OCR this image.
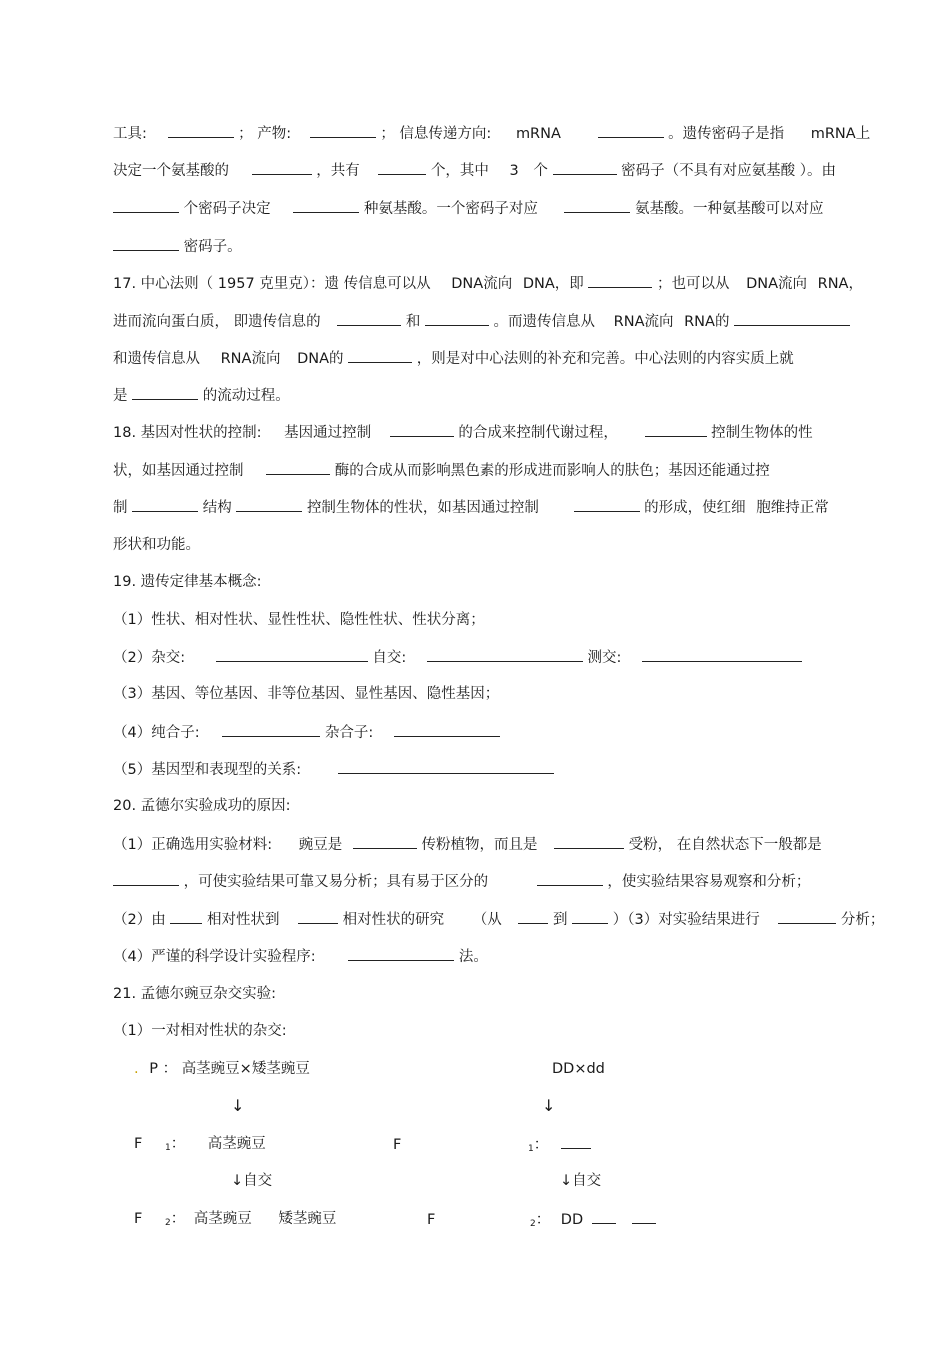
工具:	； 产物:	； 信息传递方向: mRNA	。遗传密码子是指 mRNA上
决定一个氨基酸的	，共有	个，其中 3 个	密码子（不具有对应氨基酸 ）。由
个密码子决定	种氨基酸。一个密码子对应	氨基酸。一种氨基酸可以对应
密码子。
17. 中心法则（ 1957 克里克）：遗 传信息可以从 DNA流向 DNA，即	；也可以从 DNA流向 RNA，
进而流向蛋白质， 即遗传信息的	和	。而遗传信息从 RNA流向 RNA的
和遗传信息从 RNA流向 DNA的	，则是对中心法则的补充和完善。中心法则的内容实质上就
是	的流动过程。
18. 基因对性状的控制: 基因通过控制	的合成来控制代谢过程，	控制生物体的性
状，如基因通过控制	酶的合成从而影响黑色素的形成进而影响人的肤色；基因还能通过控
制	结构	控制生物体的性状，如基因通过控制	的形成，使红细 胞维持正常
形状和功能。
19. 遗传定律基本概念:
（1）性状、相对性状、显性性状、隐性性状、性状分离；
（2）杂交:	自交:	测交:
（3）基因、等位基因、非等位基因、显性基因、隐性基因；
（4）纯合子:	杂合子:
（5）基因型和表现型的关系:
20. 孟德尔实验成功的原因:
（1）正确选用实验材料: 豌豆是	传粉植物，而且是	受粉， 在自然状态下一般都是
，可使实验结果可靠又易分析；具有易于区分的	，使实验结果容易观察和分析；
（2）由	相对性状到	相对性状的研究 （从	到	）（3）对实验结果进行	分析；
（4）严谨的科学设计实验程序:	法。
21. 孟德尔豌豆杂交实验:
（1）一对相对性状的杂交:
. P ： 高茎豌豆×矮茎豌豆	DD×dd
↓	↓
F	1： 高茎豌豆	F	1：
↓自交	↓自交
F	2： 高茎豌豆 矮茎豌豆	F	2： DD
